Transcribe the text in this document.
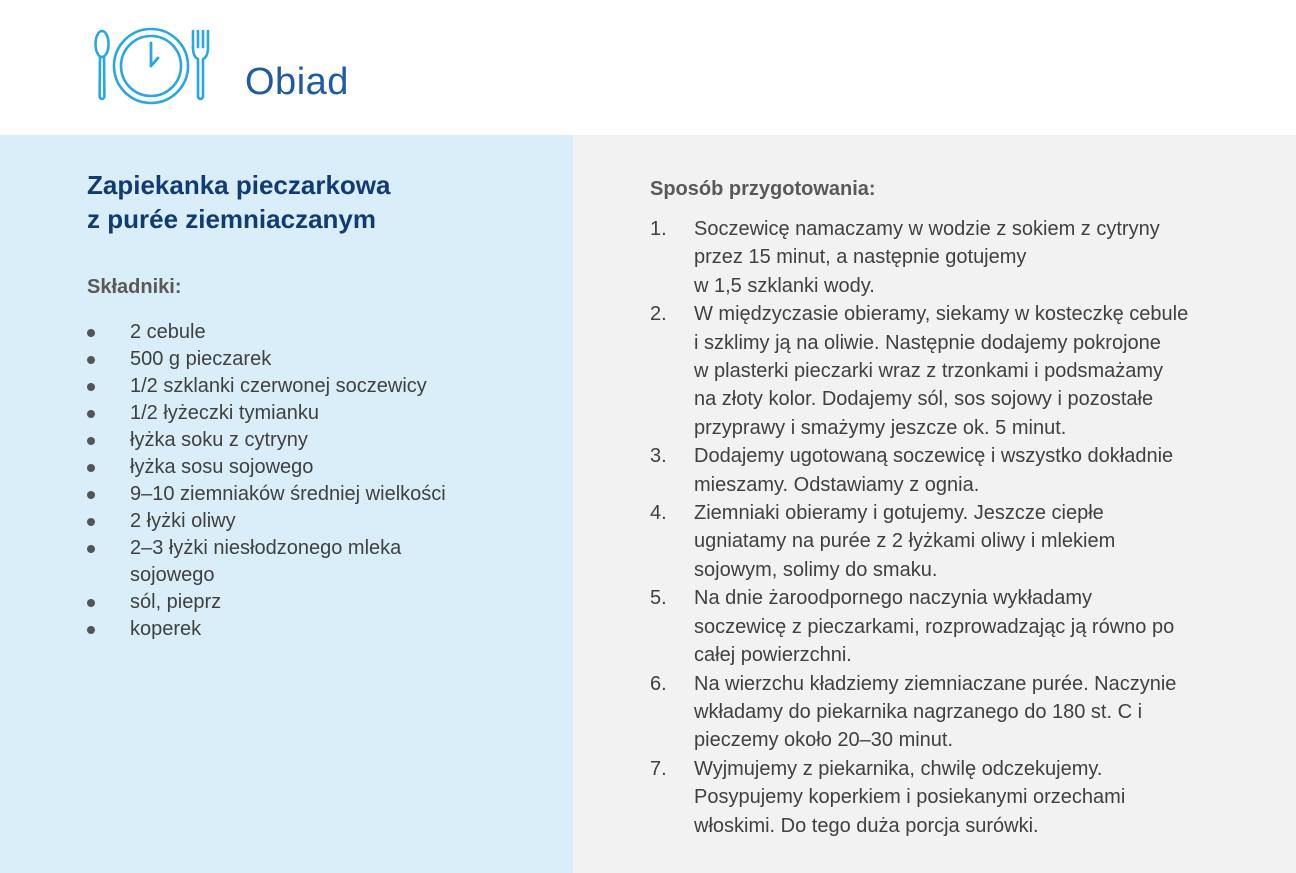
Obiad
Zapiekanka pieczarkowa
z purée ziemniaczanym
Składniki:
2 cebule
500 g pieczarek
1/2 szklanki czerwonej soczewicy
1/2 łyżeczki tymianku
łyżka soku z cytryny
łyżka sosu sojowego
9–10 ziemniaków średniej wielkości
2 łyżki oliwy
2–3 łyżki niesłodzonego mleka
sojowego
sól, pieprz
koperek
Sposób przygotowania:
1. Soczewicę namaczamy w wodzie z sokiem z cytryny
przez 15 minut, a następnie gotujemy
w 1,5 szklanki wody.
2. W międzyczasie obieramy, siekamy w kosteczkę cebule
i szklimy ją na oliwie. Następnie dodajemy pokrojone
w plasterki pieczarki wraz z trzonkami i podsmażamy
na złoty kolor. Dodajemy sól, sos sojowy i pozostałe
przyprawy i smażymy jeszcze ok. 5 minut.
3. Dodajemy ugotowaną soczewicę i wszystko dokładnie
mieszamy. Odstawiamy z ognia.
4. Ziemniaki obieramy i gotujemy. Jeszcze ciepłe
ugniatamy na purée z 2 łyżkami oliwy i mlekiem
sojowym, solimy do smaku.
5. Na dnie żaroodpornego naczynia wykładamy
soczewicę z pieczarkami, rozprowadzając ją równo po
całej powierzchni.
6. Na wierzchu kładziemy ziemniaczane purée. Naczynie
wkładamy do piekarnika nagrzanego do 180 st. C i
pieczemy około 20–30 minut.
7. Wyjmujemy z piekarnika, chwilę odczekujemy.
Posypujemy koperkiem i posiekanymi orzechami
włoskimi. Do tego duża porcja surówki.
